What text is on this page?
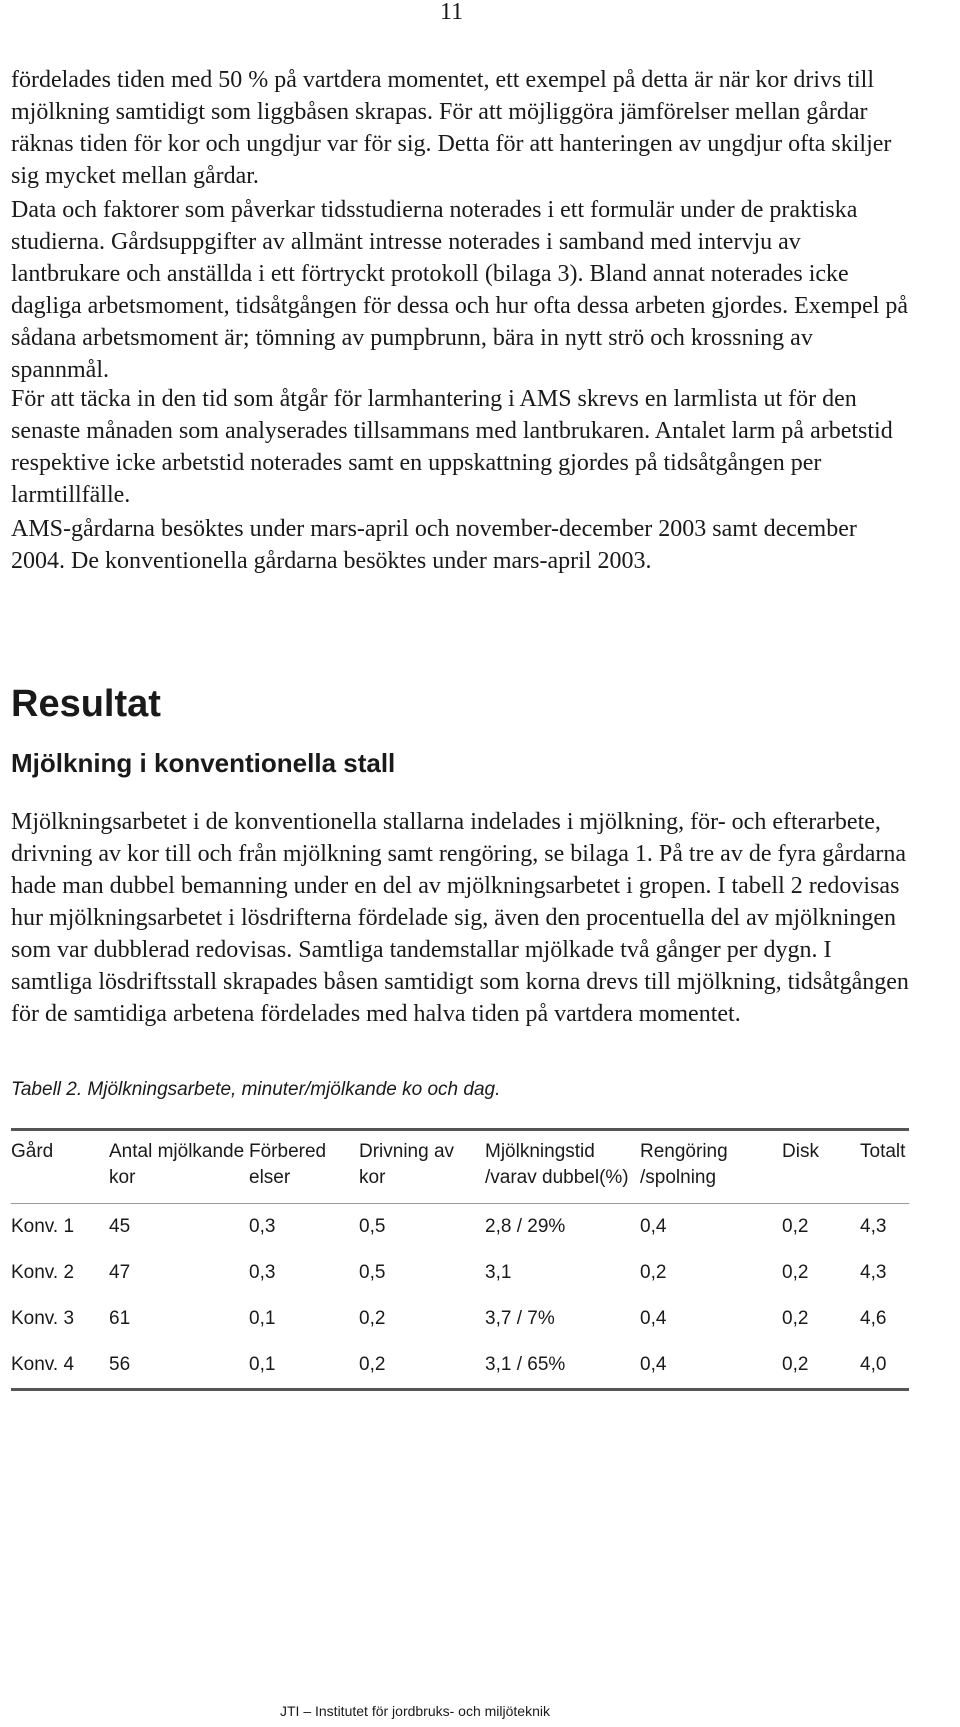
11

fördelades tiden med 50 % på vartdera momentet, ett exempel på detta är när kor drivs till mjölkning samtidigt som liggbåsen skrapas. För att möjliggöra jämförelser mellan gårdar räknas tiden för kor och ungdjur var för sig. Detta för att hanteringen av ungdjur ofta skiljer sig mycket mellan gårdar.

Data och faktorer som påverkar tidsstudierna noterades i ett formulär under de praktiska studierna. Gårdsuppgifter av allmänt intresse noterades i samband med intervju av lantbrukare och anställda i ett förtryckt protokoll (bilaga 3). Bland annat noterades icke dagliga arbetsmoment, tidsåtgången för dessa och hur ofta dessa arbeten gjordes. Exempel på sådana arbetsmoment är; tömning av pumpbrunn, bära in nytt strö och krossning av spannmål.

För att täcka in den tid som åtgår för larmhantering i AMS skrevs en larmlista ut för den senaste månaden som analyserades tillsammans med lantbrukaren. Antalet larm på arbetstid respektive icke arbetstid noterades samt en uppskattning gjordes på tidsåtgången per larmtillfälle.

AMS-gårdarna besöktes under mars-april och november-december 2003 samt december 2004. De konventionella gårdarna besöktes under mars-april 2003.

Resultat
Mjölkning i konventionella stall

Mjölkningsarbetet i de konventionella stallarna indelades i mjölkning, för- och efterarbete, drivning av kor till och från mjölkning samt rengöring, se bilaga 1. På tre av de fyra gårdarna hade man dubbel bemanning under en del av mjölkningsarbetet i gropen. I tabell 2 redovisas hur mjölkningsarbetet i lösdrifterna fördelade sig, även den procentuella del av mjölkningen som var dubblerad redovisas. Samtliga tandemstallar mjölkade två gånger per dygn. I samtliga lösdriftsstall skrapades båsen samtidigt som korna drevs till mjölkning, tidsåtgången för de samtidiga arbetena fördelades med halva tiden på vartdera momentet.

Tabell 2. Mjölkningsarbete, minuter/mjölkande ko och dag.

Gård	Antal mjölkande kor	Förbered elser	Drivning av kor	Mjölkningstid /varav dubbel(%)	Rengöring /spolning	Disk	Totalt
Konv. 1	45	0,3	0,5	2,8 / 29%	0,4	0,2	4,3
Konv. 2	47	0,3	0,5	3,1	0,2	0,2	4,3
Konv. 3	61	0,1	0,2	3,7 / 7%	0,4	0,2	4,6
Konv. 4	56	0,1	0,2	3,1 / 65%	0,4	0,2	4,0
JTI – Institutet för jordbruks- och miljöteknik
